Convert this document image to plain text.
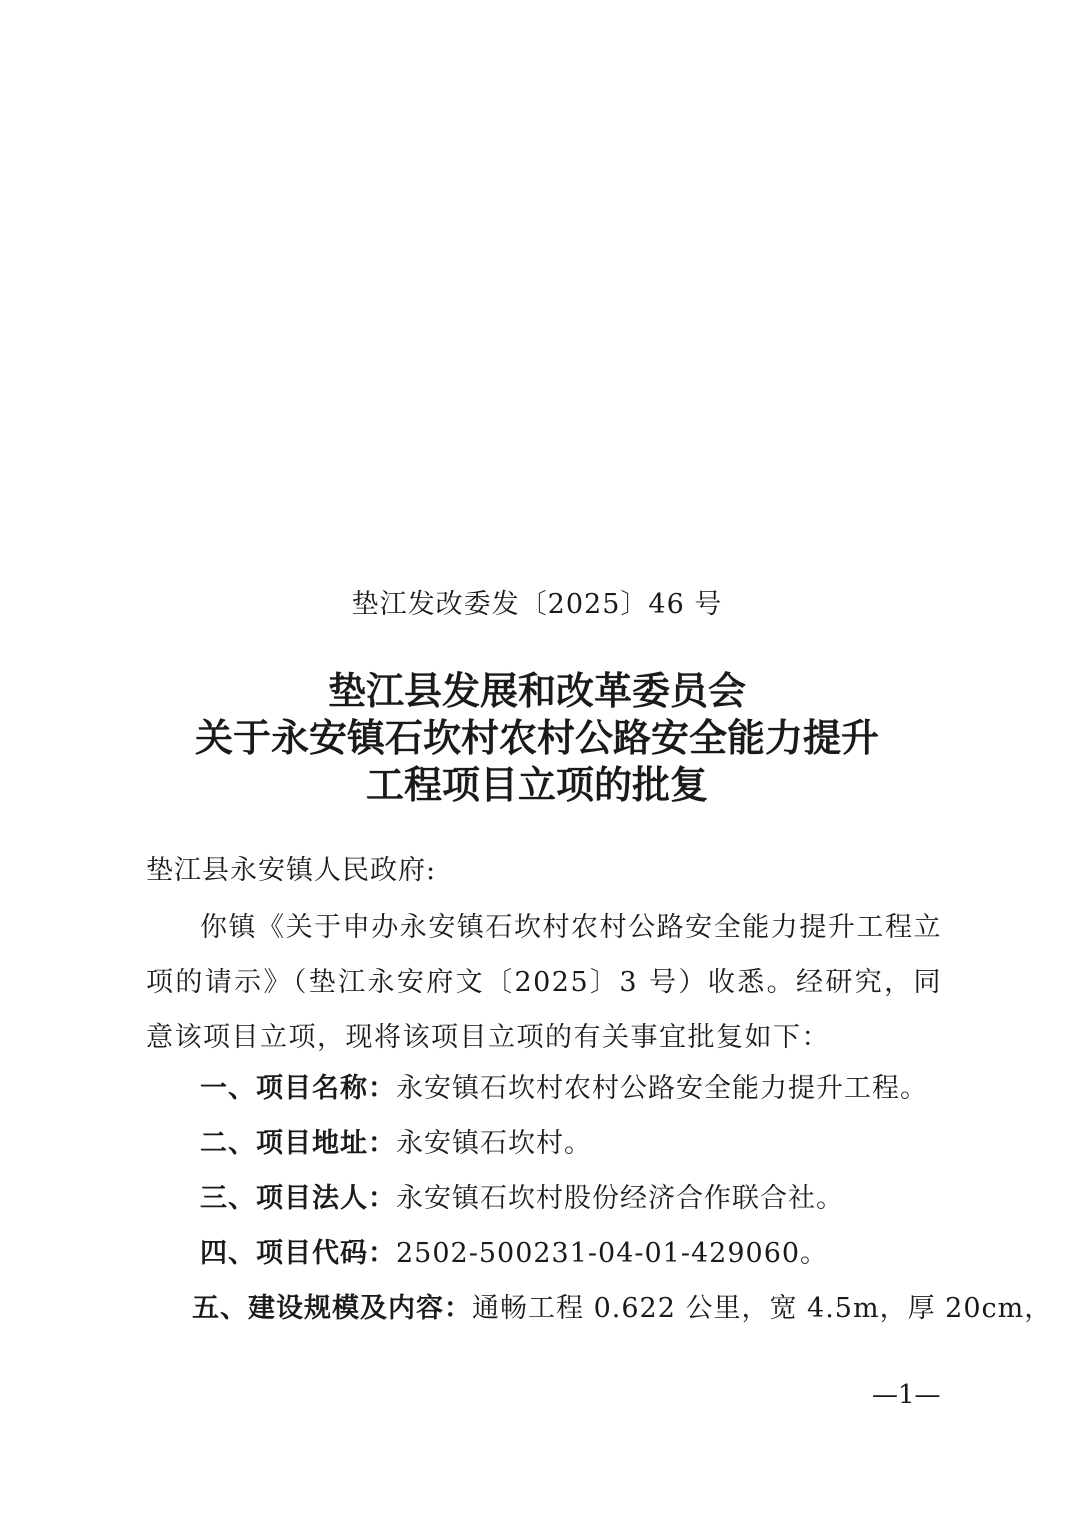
垫江发改委发〔2025〕46 号
垫江县发展和改革委员会
关于永安镇石坎村农村公路安全能力提升
工程项目立项的批复
垫江县永安镇人民政府:
你镇《关于申办永安镇石坎村农村公路安全能力提升工程立项的请示》（垫江永安府文〔2025〕3 号）收悉。经研究，同意该项目立项，现将该项目立项的有关事宜批复如下：
一、项目名称：永安镇石坎村农村公路安全能力提升工程。
二、项目地址：永安镇石坎村。
三、项目法人：永安镇石坎村股份经济合作联合社。
四、项目代码：2502-500231-04-01-429060。
五、建设规模及内容：通畅工程 0.622 公里，宽 4.5m，厚 20cm，
—1—
